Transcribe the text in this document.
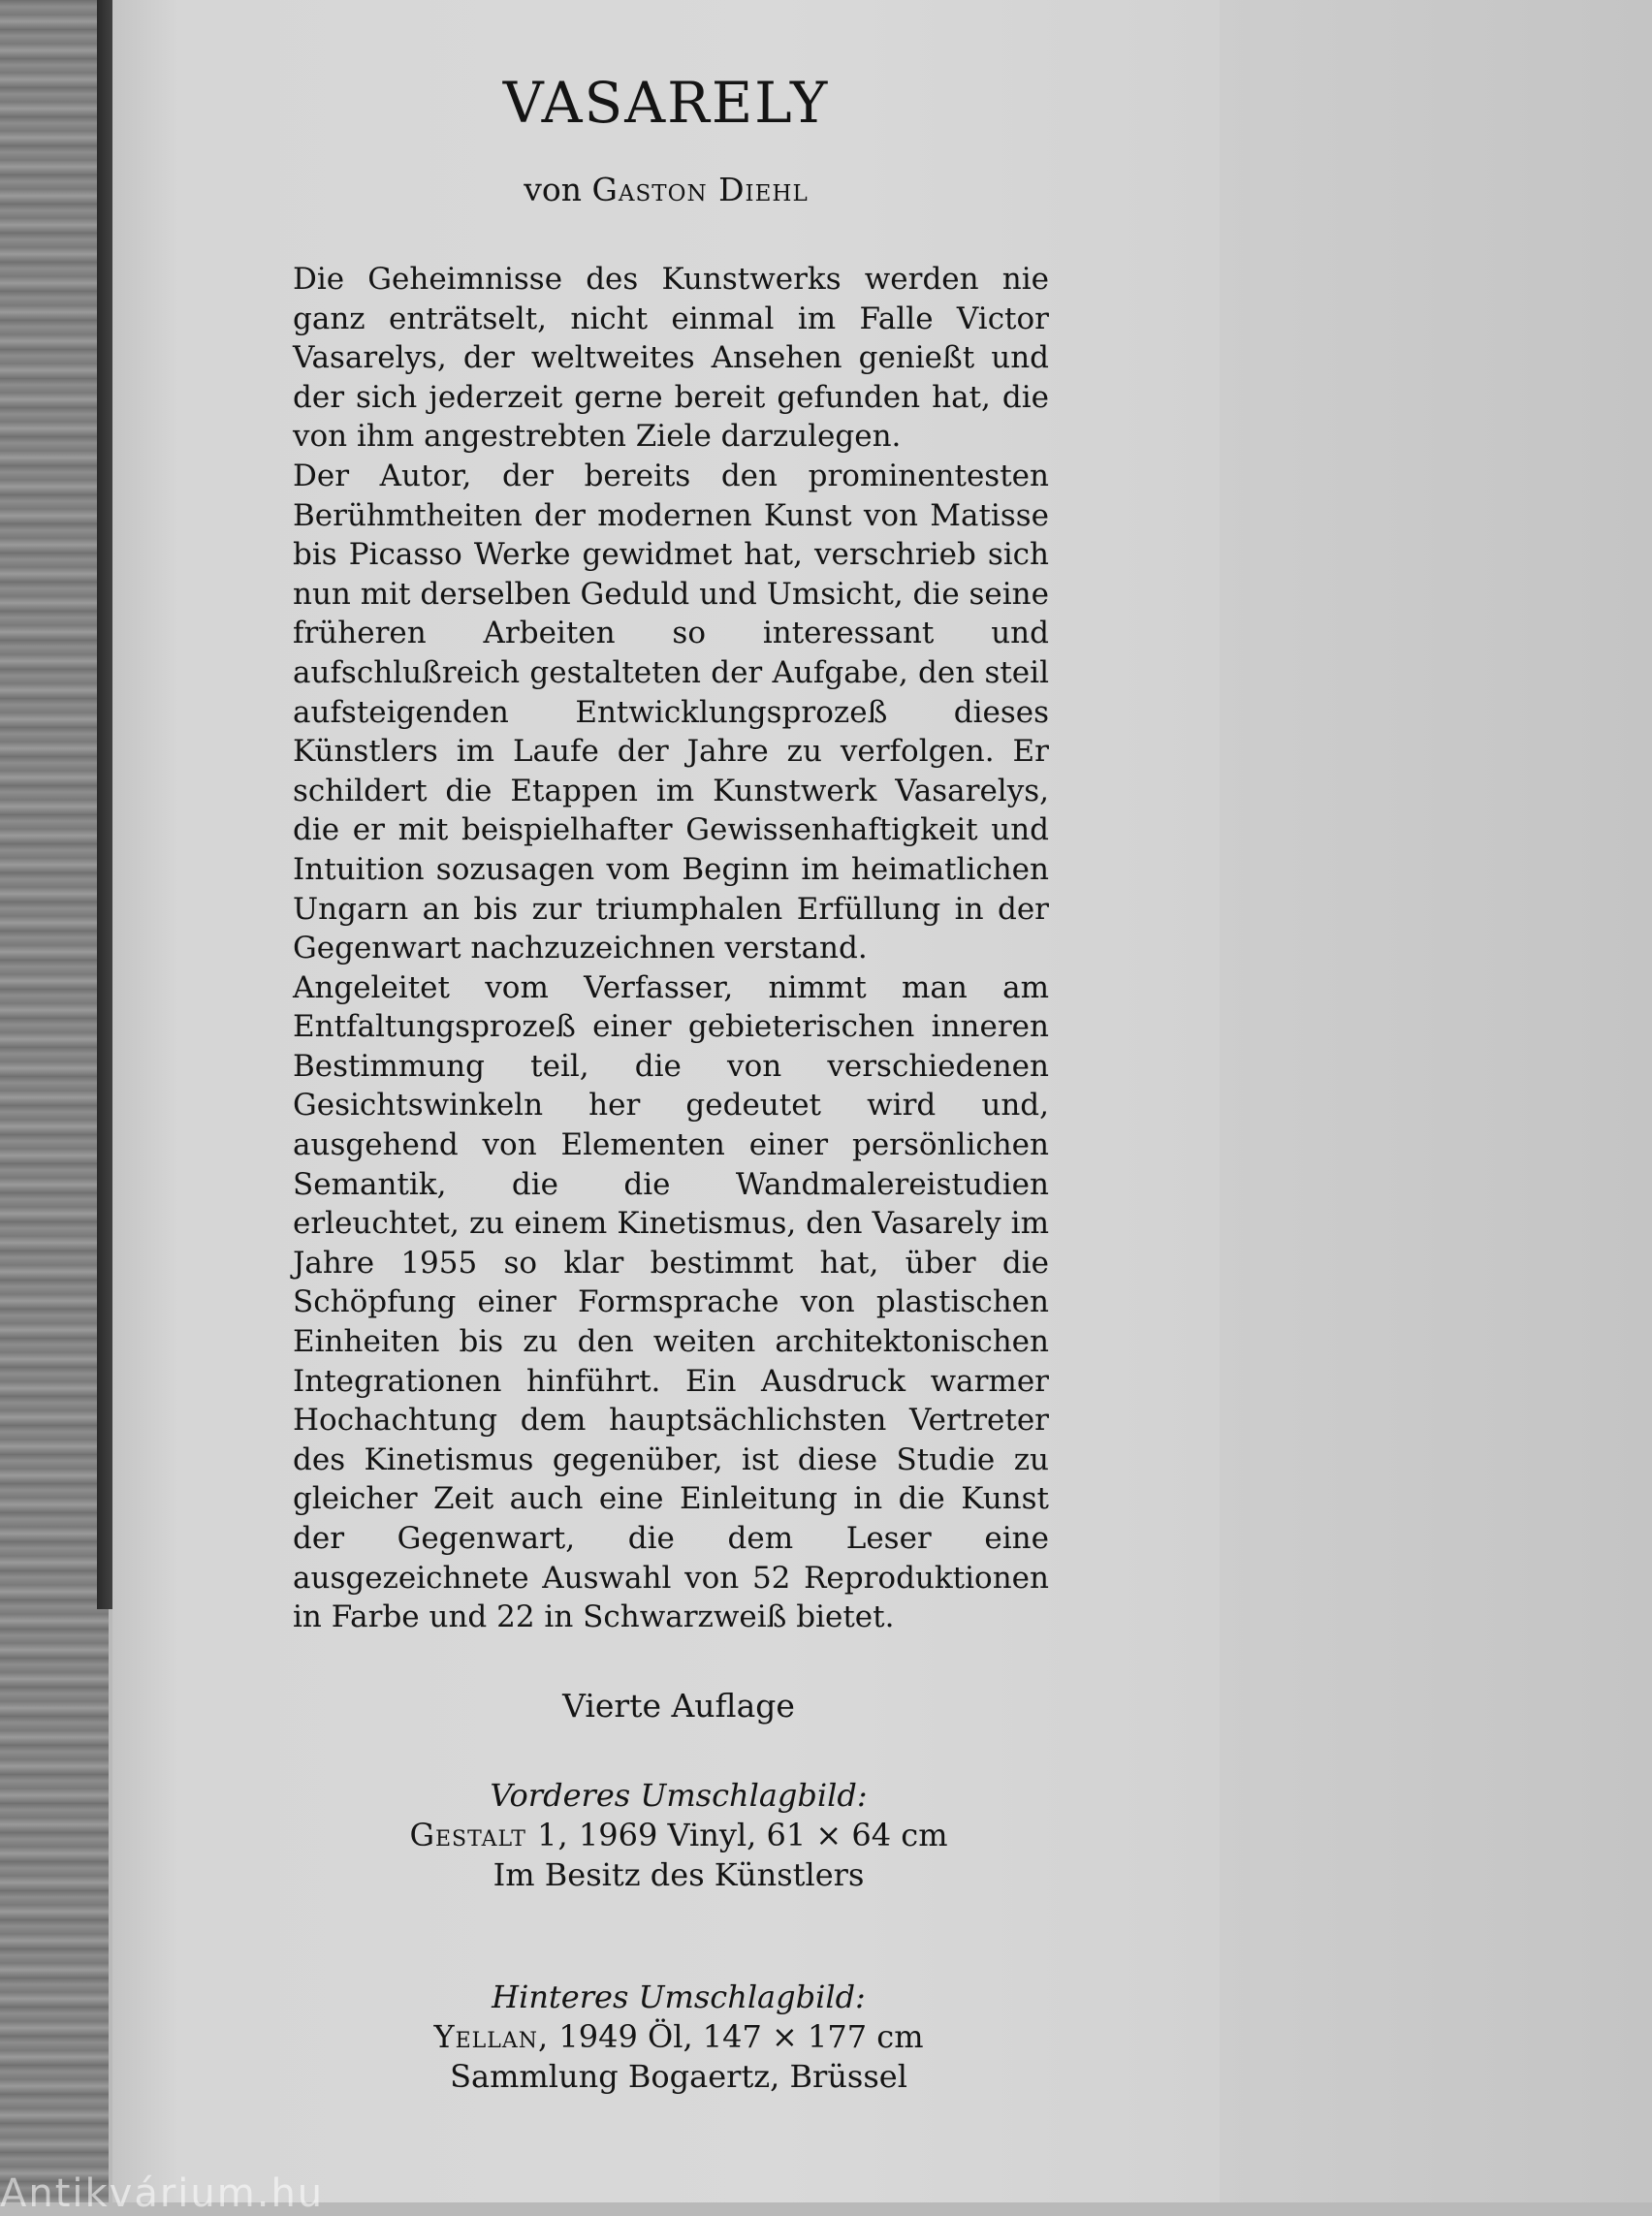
VASARELY
von Gaston Diehl

Die Geheimnisse des Kunstwerks werden nie ganz enträtselt, nicht einmal im Falle Victor Vasarelys, der weltweites Ansehen genießt und der sich jederzeit gerne bereit gefunden hat, die von ihm angestrebten Ziele darzulegen.

Der Autor, der bereits den prominentesten Berühmtheiten der modernen Kunst von Matisse bis Picasso Werke gewidmet hat, verschrieb sich nun mit derselben Geduld und Umsicht, die seine früheren Arbeiten so interessant und aufschlußreich gestalteten der Aufgabe, den steil aufsteigenden Entwicklungsprozeß dieses Künstlers im Laufe der Jahre zu verfolgen. Er schildert die Etappen im Kunstwerk Vasarelys, die er mit beispielhafter Gewissenhaftigkeit und Intuition sozusagen vom Beginn im heimatlichen Ungarn an bis zur triumphalen Erfüllung in der Gegenwart nachzuzeichnen verstand.

Angeleitet vom Verfasser, nimmt man am Entfaltungsprozeß einer gebieterischen inneren Bestimmung teil, die von verschiedenen Gesichtswinkeln her gedeutet wird und, ausgehend von Elementen einer persönlichen Semantik, die die Wandmalereistudien erleuchtet, zu einem Kinetismus, den Vasarely im Jahre 1955 so klar bestimmt hat, über die Schöpfung einer Formsprache von plastischen Einheiten bis zu den weiten architektonischen Integrationen hinführt. Ein Ausdruck warmer Hochachtung dem hauptsächlichsten Vertreter des Kinetismus gegenüber, ist diese Studie zu gleicher Zeit auch eine Einleitung in die Kunst der Gegenwart, die dem Leser eine ausgezeichnete Auswahl von 52 Reproduktionen in Farbe und 22 in Schwarzweiß bietet.

Vierte Auflage
Vorderes Umschlagbild:
Gestalt 1, 1969 Vinyl, 61 × 64 cm
Im Besitz des Künstlers
Hinteres Umschlagbild:
Yellan, 1949 Öl, 147 × 177 cm
Sammlung Bogaertz, Brüssel
Antikvárium.hu
